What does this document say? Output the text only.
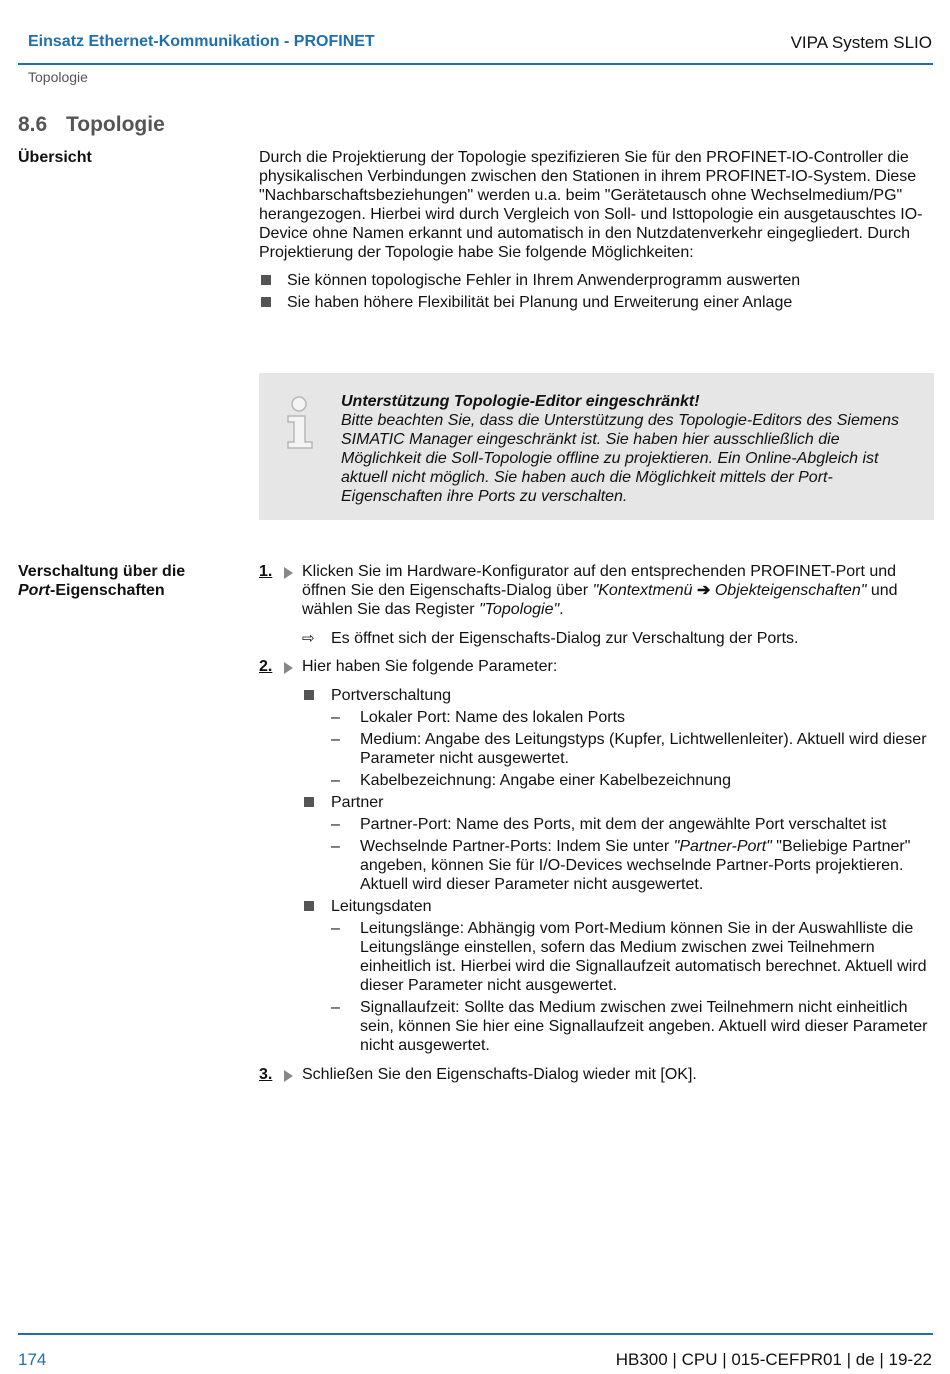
Einsatz Ethernet-Kommunikation - PROFINET	VIPA System SLIO
Topologie
8.6 Topologie
Übersicht	Durch die Projektierung der Topologie spezifizieren Sie für den PROFINET-IO-Controller die physikalischen Verbindungen zwischen den Stationen in ihrem PROFINET-IO-System. Diese "Nachbarschaftsbeziehungen" werden u.a. beim "Gerätetausch ohne Wechselmedium/PG" herangezogen. Hierbei wird durch Vergleich von Soll- und Isttopologie ein ausgetauschtes IO-Device ohne Namen erkannt und automatisch in den Nutzdatenverkehr eingegliedert. Durch Projektierung der Topologie habe Sie folgende Möglichkeiten:

Sie können topologische Fehler in Ihrem Anwenderprogramm auswerten
Sie haben höhere Flexibilität bei Planung und Erweiterung einer Anlage
Unterstützung Topologie-Editor eingeschränkt!
Bitte beachten Sie, dass die Unterstützung des Topologie-Editors des Siemens SIMATIC Manager eingeschränkt ist. Sie haben hier ausschließlich die Möglichkeit die Soll-Topologie offline zu projektieren. Ein Online-Abgleich ist aktuell nicht möglich. Sie haben auch die Möglichkeit mittels der Port-Eigenschaften ihre Ports zu verschalten.
Verschaltung über die
Port-Eigenschaften
1. Klicken Sie im Hardware-Konfigurator auf den entsprechenden PROFINET-Port und öffnen Sie den Eigenschafts-Dialog über "Kontextmenü ➔ Objekteigenschaften" und wählen Sie das Register "Topologie".
⇨ Es öffnet sich der Eigenschafts-Dialog zur Verschaltung der Ports.
2. Hier haben Sie folgende Parameter:
Portverschaltung
– Lokaler Port: Name des lokalen Ports
– Medium: Angabe des Leitungstyps (Kupfer, Lichtwellenleiter). Aktuell wird dieser Parameter nicht ausgewertet.
– Kabelbezeichnung: Angabe einer Kabelbezeichnung
Partner
– Partner-Port: Name des Ports, mit dem der angewählte Port verschaltet ist
– Wechselnde Partner-Ports: Indem Sie unter "Partner-Port" "Beliebige Partner" angeben, können Sie für I/O-Devices wechselnde Partner-Ports projektieren. Aktuell wird dieser Parameter nicht ausgewertet.
Leitungsdaten
– Leitungslänge: Abhängig vom Port-Medium können Sie in der Auswahlliste die Leitungslänge einstellen, sofern das Medium zwischen zwei Teilnehmern einheitlich ist. Hierbei wird die Signallaufzeit automatisch berechnet. Aktuell wird dieser Parameter nicht ausgewertet.
– Signallaufzeit: Sollte das Medium zwischen zwei Teilnehmern nicht einheitlich sein, können Sie hier eine Signallaufzeit angeben. Aktuell wird dieser Parameter nicht ausgewertet.
3. Schließen Sie den Eigenschafts-Dialog wieder mit [OK].
174	HB300 | CPU | 015-CEFPR01 | de | 19-22
